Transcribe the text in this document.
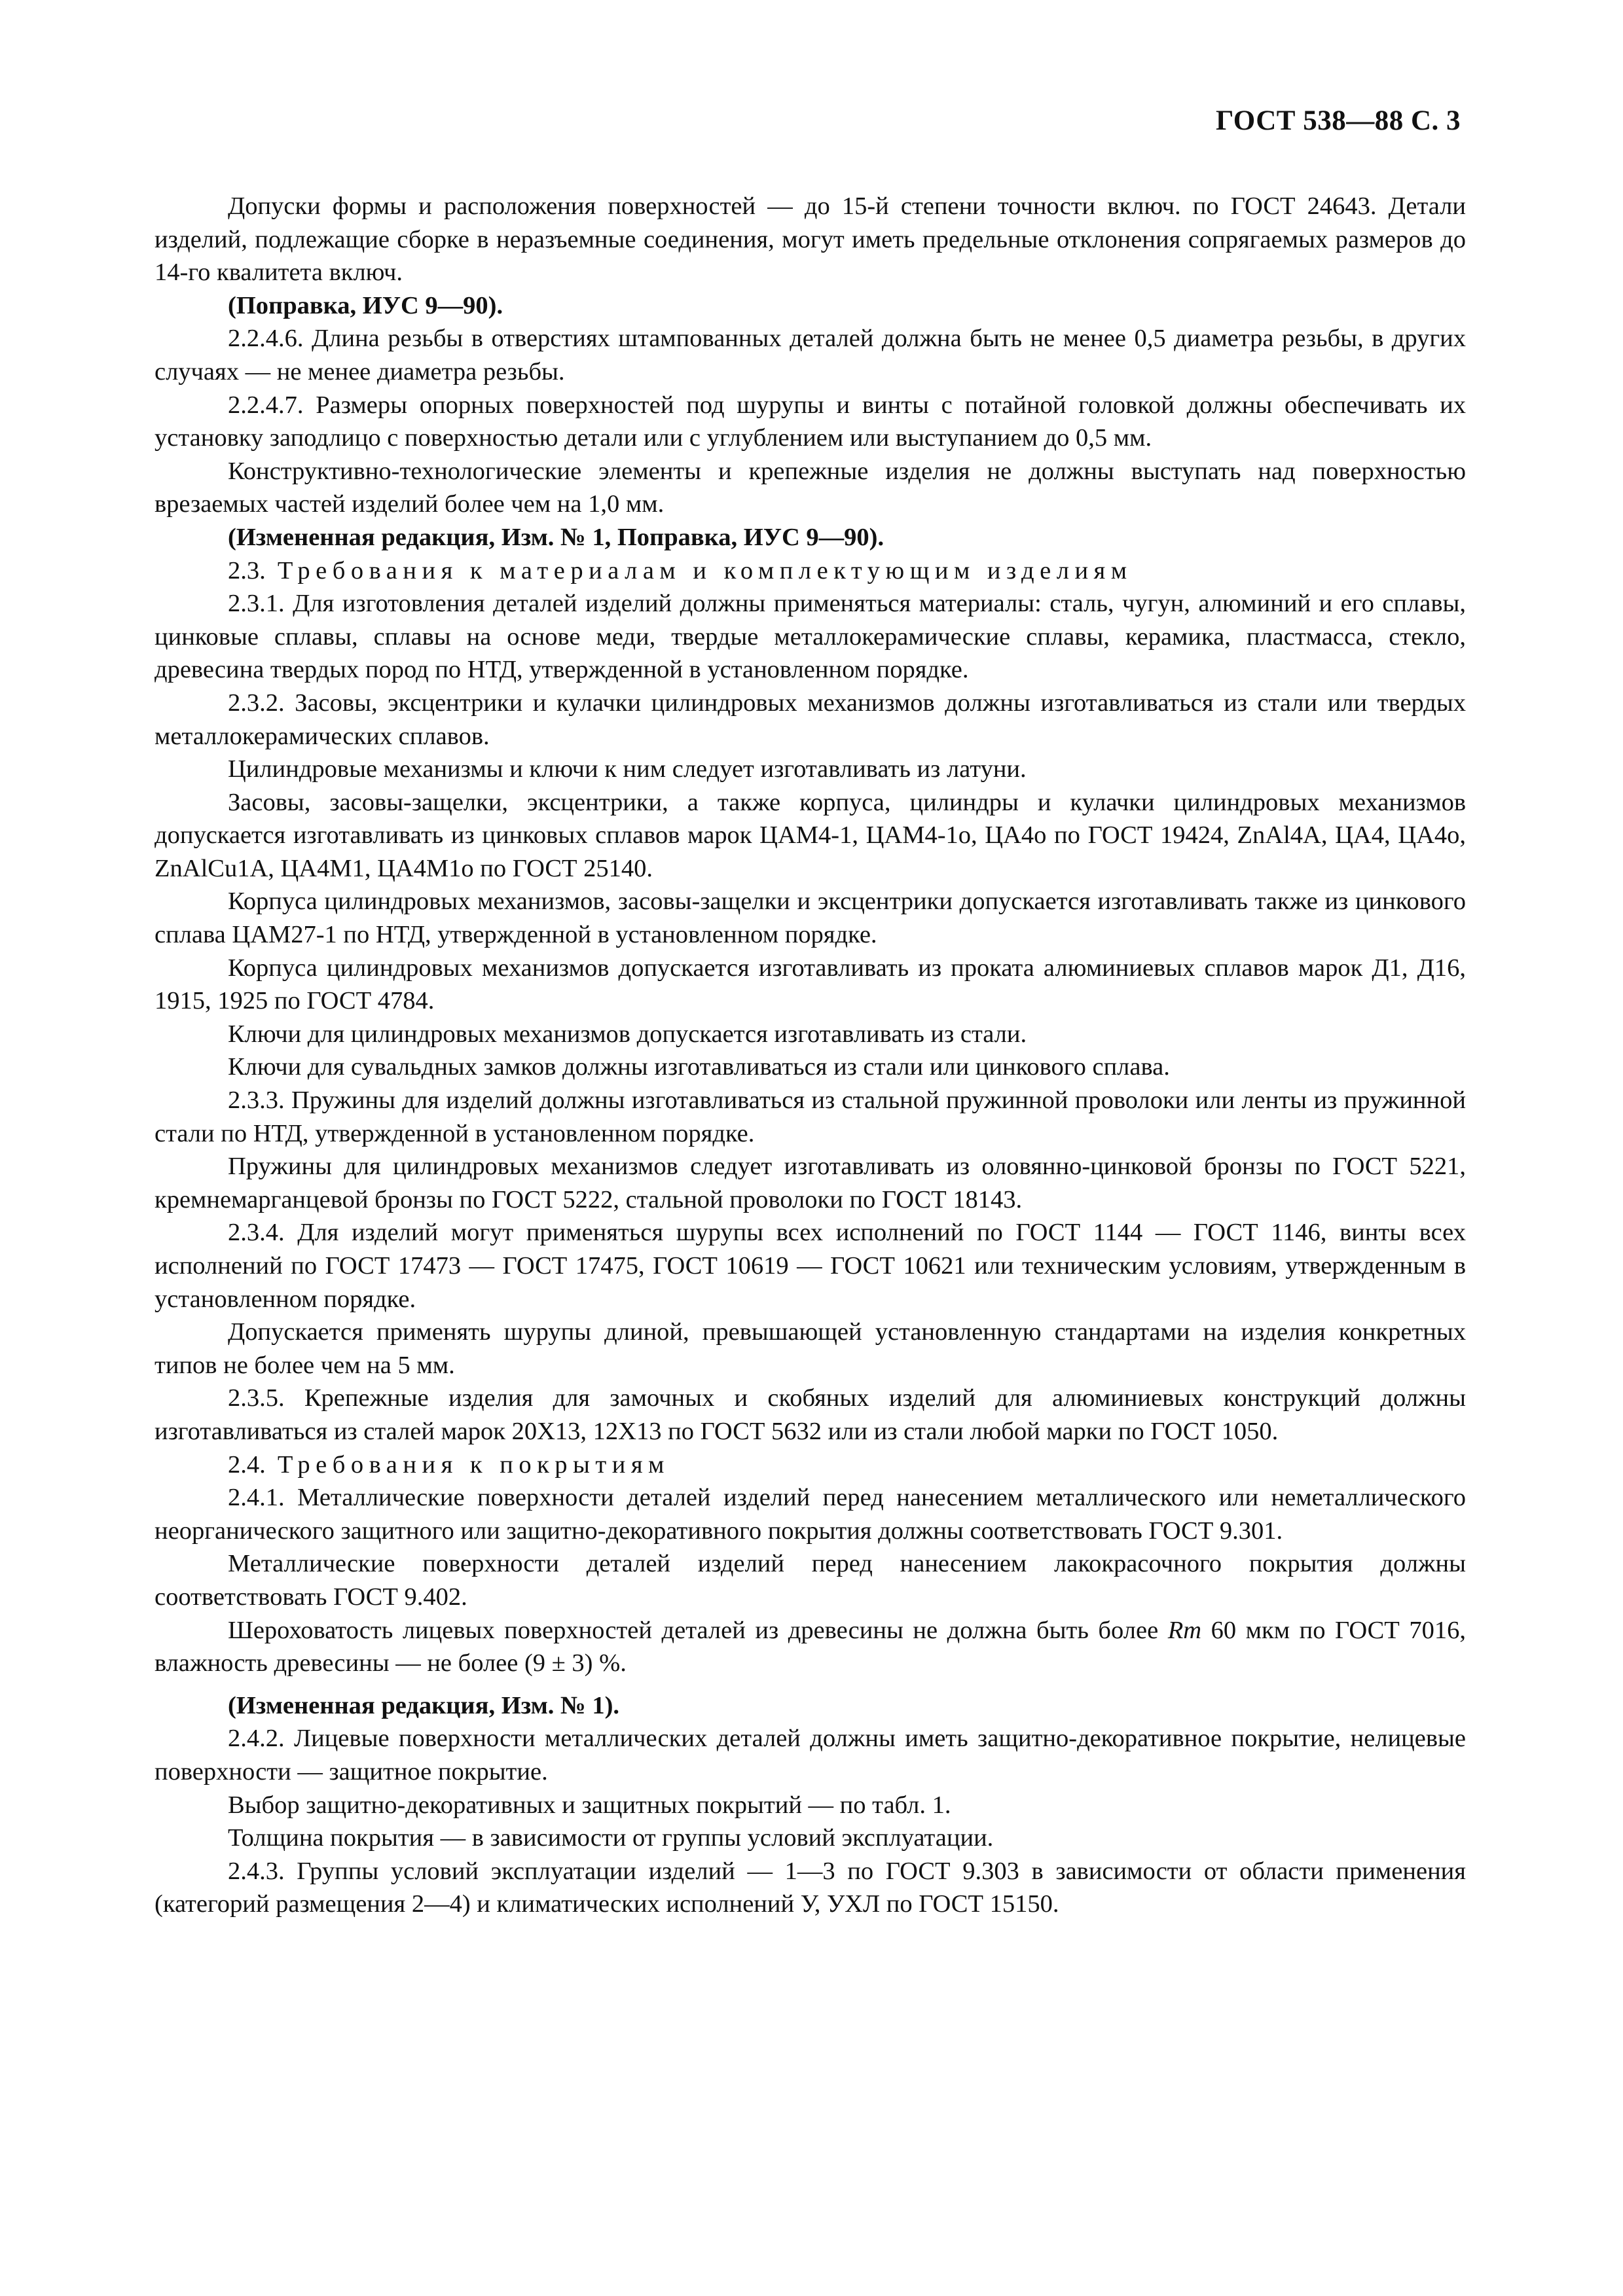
ГОСТ 538—88 С. 3

Допуски формы и расположения поверхностей — до 15-й степени точности включ. по ГОСТ 24643. Детали изделий, подлежащие сборке в неразъемные соединения, могут иметь предельные отклонения сопрягаемых размеров до 14-го квалитета включ.

(Поправка, ИУС 9—90).

2.2.4.6. Длина резьбы в отверстиях штампованных деталей должна быть не менее 0,5 диаметра резьбы, в других случаях — не менее диаметра резьбы.

2.2.4.7. Размеры опорных поверхностей под шурупы и винты с потайной головкой должны обеспечивать их установку заподлицо с поверхностью детали или с углублением или выступанием до 0,5 мм.

Конструктивно-технологические элементы и крепежные изделия не должны выступать над поверхностью врезаемых частей изделий более чем на 1,0 мм.

(Измененная редакция, Изм. № 1, Поправка, ИУС 9—90).

2.3. Требования к материалам и комплектующим изделиям

2.3.1. Для изготовления деталей изделий должны применяться материалы: сталь, чугун, алюминий и его сплавы, цинковые сплавы, сплавы на основе меди, твердые металлокерамические сплавы, керамика, пластмасса, стекло, древесина твердых пород по НТД, утвержденной в установленном порядке.

2.3.2. Засовы, эксцентрики и кулачки цилиндровых механизмов должны изготавливаться из стали или твердых металлокерамических сплавов.

Цилиндровые механизмы и ключи к ним следует изготавливать из латуни.

Засовы, засовы-защелки, эксцентрики, а также корпуса, цилиндры и кулачки цилиндровых механизмов допускается изготавливать из цинковых сплавов марок ЦАМ4-1, ЦАМ4-1о, ЦА4о по ГОСТ 19424, ZnAl4A, ЦА4, ЦА4о, ZnAlCu1A, ЦА4М1, ЦА4М1о по ГОСТ 25140.

Корпуса цилиндровых механизмов, засовы-защелки и эксцентрики допускается изготавливать также из цинкового сплава ЦАМ27-1 по НТД, утвержденной в установленном порядке.

Корпуса цилиндровых механизмов допускается изготавливать из проката алюминиевых сплавов марок Д1, Д16, 1915, 1925 по ГОСТ 4784.

Ключи для цилиндровых механизмов допускается изготавливать из стали.

Ключи для сувальдных замков должны изготавливаться из стали или цинкового сплава.

2.3.3. Пружины для изделий должны изготавливаться из стальной пружинной проволоки или ленты из пружинной стали по НТД, утвержденной в установленном порядке.

Пружины для цилиндровых механизмов следует изготавливать из оловянно-цинковой бронзы по ГОСТ 5221, кремнемарганцевой бронзы по ГОСТ 5222, стальной проволоки по ГОСТ 18143.

2.3.4. Для изделий могут применяться шурупы всех исполнений по ГОСТ 1144 — ГОСТ 1146, винты всех исполнений по ГОСТ 17473 — ГОСТ 17475, ГОСТ 10619 — ГОСТ 10621 или техническим условиям, утвержденным в установленном порядке.

Допускается применять шурупы длиной, превышающей установленную стандартами на изделия конкретных типов не более чем на 5 мм.

2.3.5. Крепежные изделия для замочных и скобяных изделий для алюминиевых конструкций должны изготавливаться из сталей марок 20Х13, 12Х13 по ГОСТ 5632 или из стали любой марки по ГОСТ 1050.

2.4. Требования к покрытиям

2.4.1. Металлические поверхности деталей изделий перед нанесением металлического или неметаллического неорганического защитного или защитно-декоративного покрытия должны соответствовать ГОСТ 9.301.

Металлические поверхности деталей изделий перед нанесением лакокрасочного покрытия должны соответствовать ГОСТ 9.402.

Шероховатость лицевых поверхностей деталей из древесины не должна быть более Rm 60 мкм по ГОСТ 7016, влажность древесины — не более (9 ± 3) %.

(Измененная редакция, Изм. № 1).

2.4.2. Лицевые поверхности металлических деталей должны иметь защитно-декоративное покрытие, нелицевые поверхности — защитное покрытие.

Выбор защитно-декоративных и защитных покрытий — по табл. 1.

Толщина покрытия — в зависимости от группы условий эксплуатации.

2.4.3. Группы условий эксплуатации изделий — 1—3 по ГОСТ 9.303 в зависимости от области применения (категорий размещения 2—4) и климатических исполнений У, УХЛ по ГОСТ 15150.
